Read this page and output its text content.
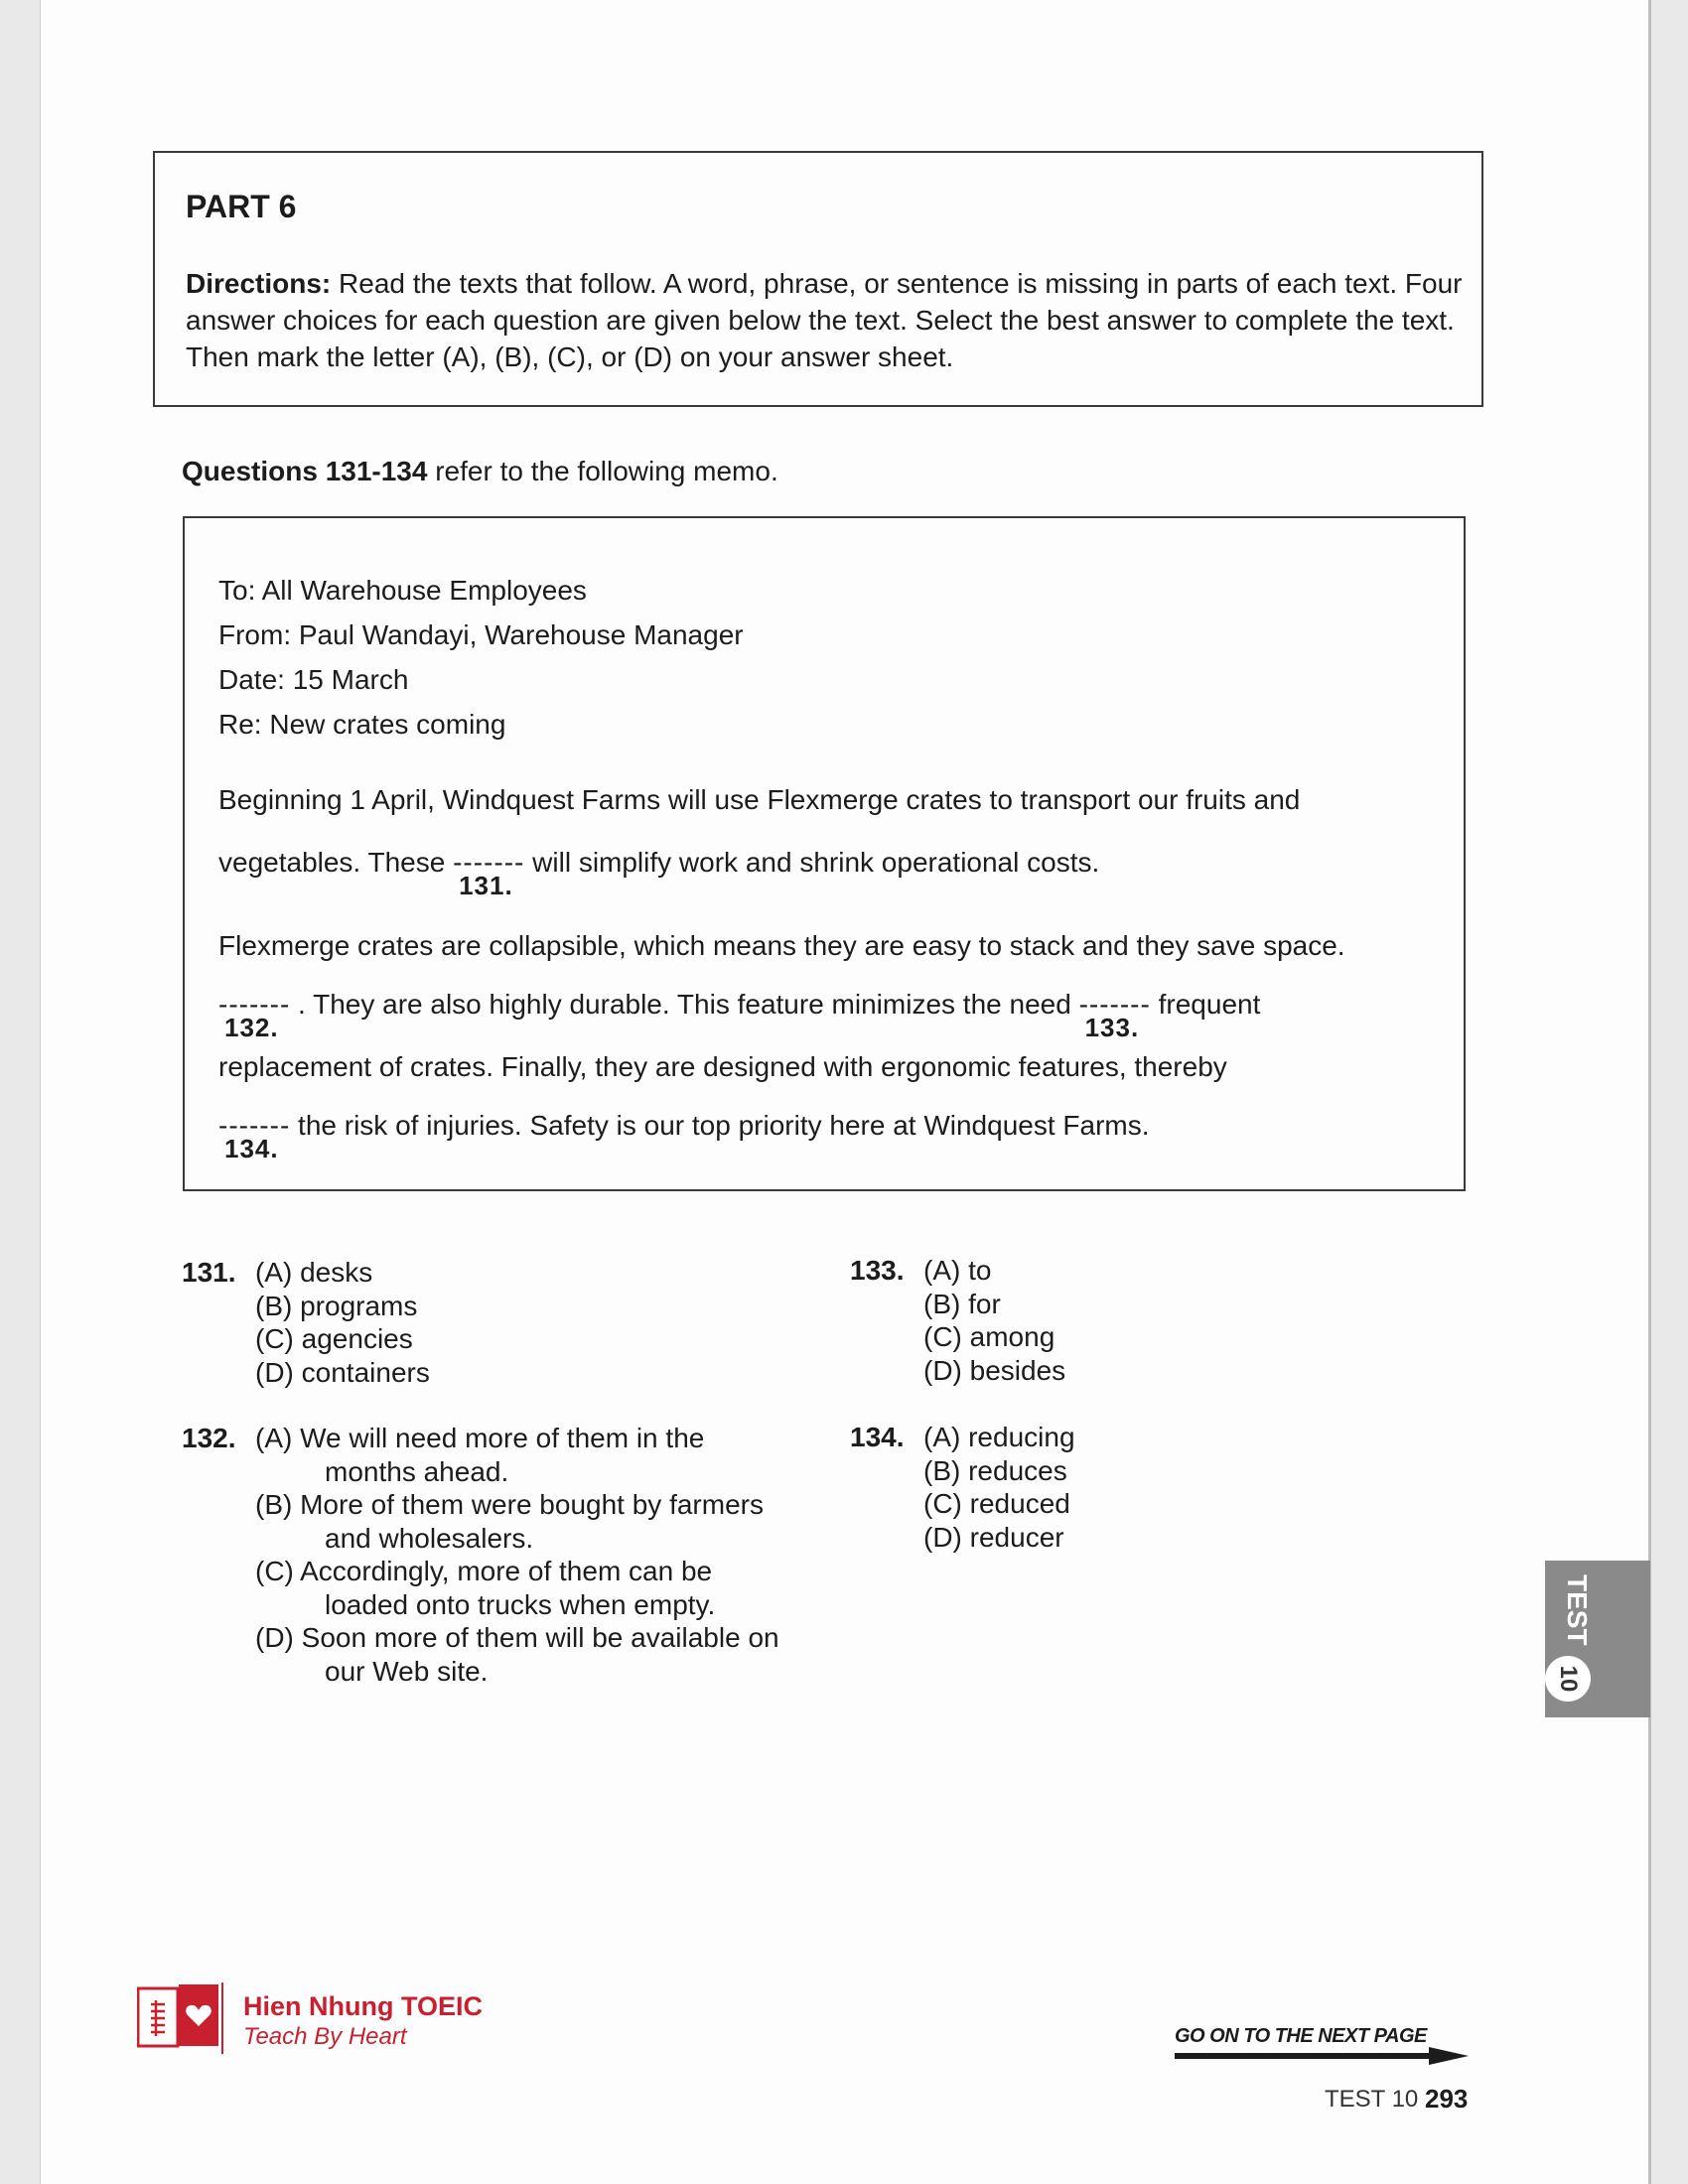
PART 6
Directions: Read the texts that follow. A word, phrase, or sentence is missing in parts of each text. Four answer choices for each question are given below the text. Select the best answer to complete the text. Then mark the letter (A), (B), (C), or (D) on your answer sheet.
Questions 131-134 refer to the following memo.
To: All Warehouse Employees
From: Paul Wandayi, Warehouse Manager
Date: 15 March
Re: New crates coming
Beginning 1 April, Windquest Farms will use Flexmerge crates to transport our fruits and
vegetables. These -------
131.
will simplify work and shrink operational costs.
Flexmerge crates are collapsible, which means they are easy to stack and they save space.
-------
132.
. They are also highly durable. This feature minimizes the need -------
133.
frequent
replacement of crates. Finally, they are designed with ergonomic features, thereby
-------
134.
the risk of injuries. Safety is our top priority here at Windquest Farms.
131. (A) desks
(B) programs
(C) agencies
(D) containers
132. (A) We will need more of them in the
months ahead.
(B) More of them were bought by farmers
and wholesalers.
(C) Accordingly, more of them can be
loaded onto trucks when empty.
(D) Soon more of them will be available on
our Web site.
133. (A) to
(B) for
(C) among
(D) besides
134. (A) reducing
(B) reduces
(C) reduced
(D) reducer
TEST
10
Hien Nhung TOEIC
Teach By Heart	GO ON TO THE NEXT PAGE
TEST 10 293
